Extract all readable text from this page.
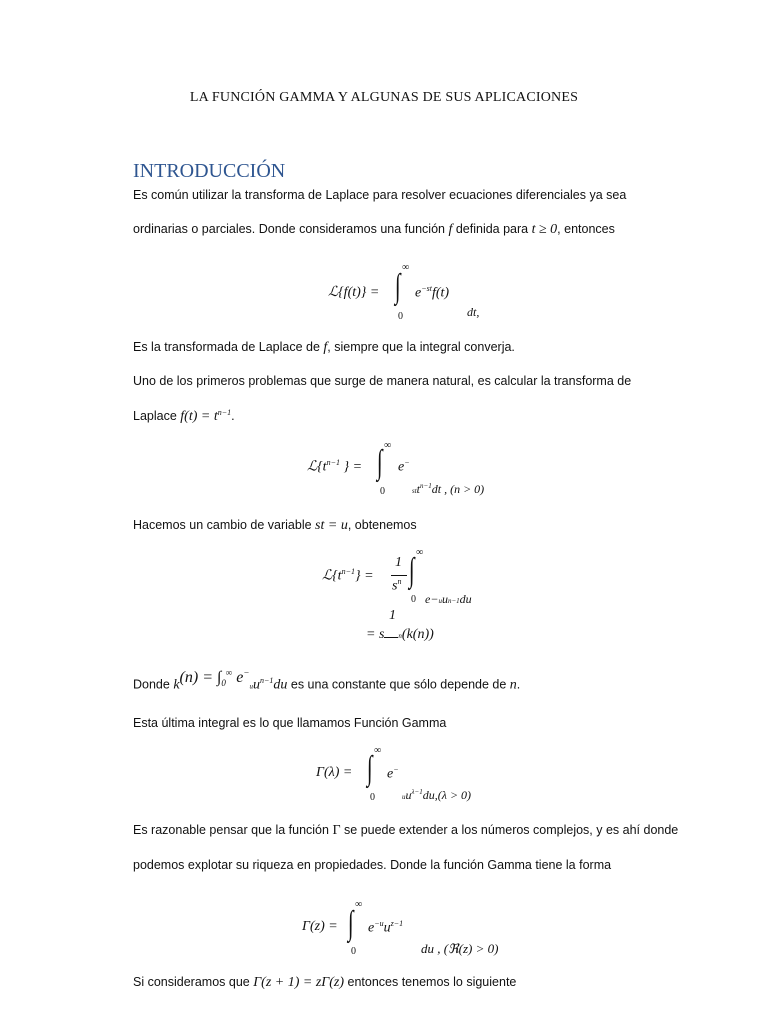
LA FUNCIÓN GAMMA Y ALGUNAS DE SUS APLICACIONES
INTRODUCCIÓN
Es común utilizar la transforma de Laplace para resolver ecuaciones diferenciales ya sea
ordinarias o parciales. Donde consideramos una función f definida para t ≥ 0, entonces
ℒ{f(t)} =
∞
∫
0
$e^{-st}f(t)$
dt,
Es la transformada de Laplace de f, siempre que la integral converja.
Uno de los primeros problemas que surge de manera natural, es calcular la transforma de
Laplace $f(t) = t^{n-1}$.
$ℒ\{t^{n-1}$ } =
∞
∫
0
e−
stt$^{n-1}$dt , (n > 0)
Hacemos un cambio de variable st = u, obtenemos
$ℒ\{t^{n-1}\}$ =
1
$s^n$
∞
∫
0 e−uun−1du
1
= s n(k(n))
Donde $k(n) = \int_0^\infty$ $e^-uu^{n-1}du$ es una constante que sólo depende de n.
Esta última integral es lo que llamamos Función Gamma
Γ(λ) =
∞
∫
0
e−
$uu^{\lambda-1}du,(\lambda > 0)$
Es razonable pensar que la función Γ se puede extender a los números complejos, y es ahí donde
podemos explotar su riqueza en propiedades. Donde la función Gamma tiene la forma
Γ(z) =
∞
∫
0
$e^{-u}u^{z-1}$
du , (ℜ(z) > 0)
Si consideramos que Γ(z + 1) = zΓ(z) entonces tenemos lo siguiente
